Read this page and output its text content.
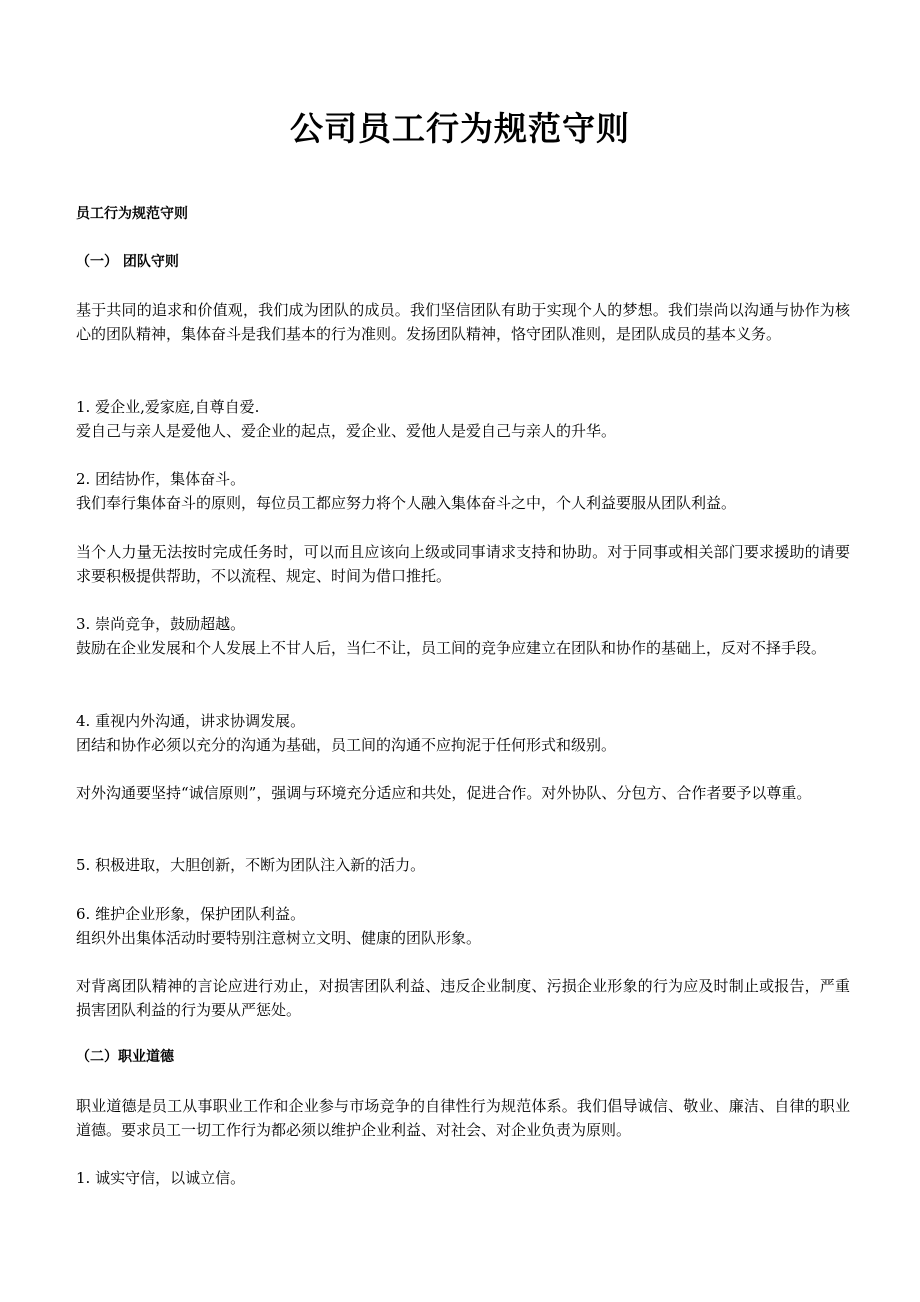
公司员工行为规范守则
员工行为规范守则
（一） 团队守则

基于共同的追求和价值观，我们成为团队的成员。我们坚信团队有助于实现个人的梦想。我们崇尚以沟通与协作为核心的团队精神，集体奋斗是我们基本的行为准则。发扬团队精神，恪守团队准则，是团队成员的基本义务。

1. 爱企业,爱家庭,自尊自爱.

爱自己与亲人是爱他人、爱企业的起点，爱企业、爱他人是爱自己与亲人的升华。

2. 团结协作，集体奋斗。

我们奉行集体奋斗的原则，每位员工都应努力将个人融入集体奋斗之中，个人利益要服从团队利益。

当个人力量无法按时完成任务时，可以而且应该向上级或同事请求支持和协助。对于同事或相关部门要求援助的请要求要积极提供帮助，不以流程、规定、时间为借口推托。

3. 崇尚竞争，鼓励超越。

鼓励在企业发展和个人发展上不甘人后，当仁不让，员工间的竞争应建立在团队和协作的基础上，反对不择手段。

4. 重视内外沟通，讲求协调发展。

团结和协作必须以充分的沟通为基础，员工间的沟通不应拘泥于任何形式和级别。

对外沟通要坚持“诚信原则”，强调与环境充分适应和共处，促进合作。对外协队、分包方、合作者要予以尊重。

5. 积极进取，大胆创新，不断为团队注入新的活力。

6. 维护企业形象，保护团队利益。

组织外出集体活动时要特别注意树立文明、健康的团队形象。

对背离团队精神的言论应进行劝止，对损害团队利益、违反企业制度、污损企业形象的行为应及时制止或报告，严重损害团队利益的行为要从严惩处。

（二）职业道德

职业道德是员工从事职业工作和企业参与市场竞争的自律性行为规范体系。我们倡导诚信、敬业、廉洁、自律的职业道德。要求员工一切工作行为都必须以维护企业利益、对社会、对企业负责为原则。

1. 诚实守信，以诚立信。
